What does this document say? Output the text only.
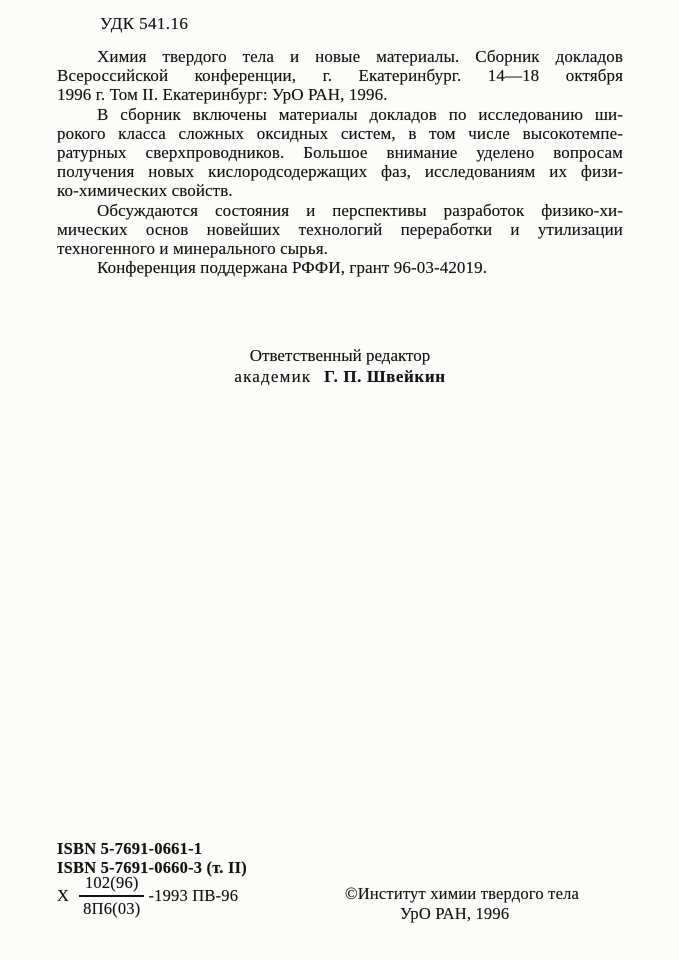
УДК 541.16
Химия твердого тела и новые материалы. Сборник докладов
Всероссийской конференции, г. Екатеринбург. 14—18 октября
1996 г. Том II. Екатеринбург: УрО РАН, 1996.
В сборник включены материалы докладов по исследованию ши-
рокого класса сложных оксидных систем, в том числе высокотемпе-
ратурных сверхпроводников. Большое внимание уделено вопросам
получения новых кислородсодержащих фаз, исследованиям их физи-
ко-химических свойств.
Обсуждаются состояния и перспективы разработок физико-хи-
мических основ новейших технологий переработки и утилизации
техногенного и минерального сырья.
Конференция поддержана РФФИ, грант 96-03-42019.
Ответственный редактор
академик Г. П. Швейкин
ISBN 5-7691-0661-1
ISBN 5-7691-0660-3 (т. II)
Х $\frac{102(96)}{8П6(03)} -1993$ ПВ-96	©Институт химии твердого тела
УрО РАН, 1996
